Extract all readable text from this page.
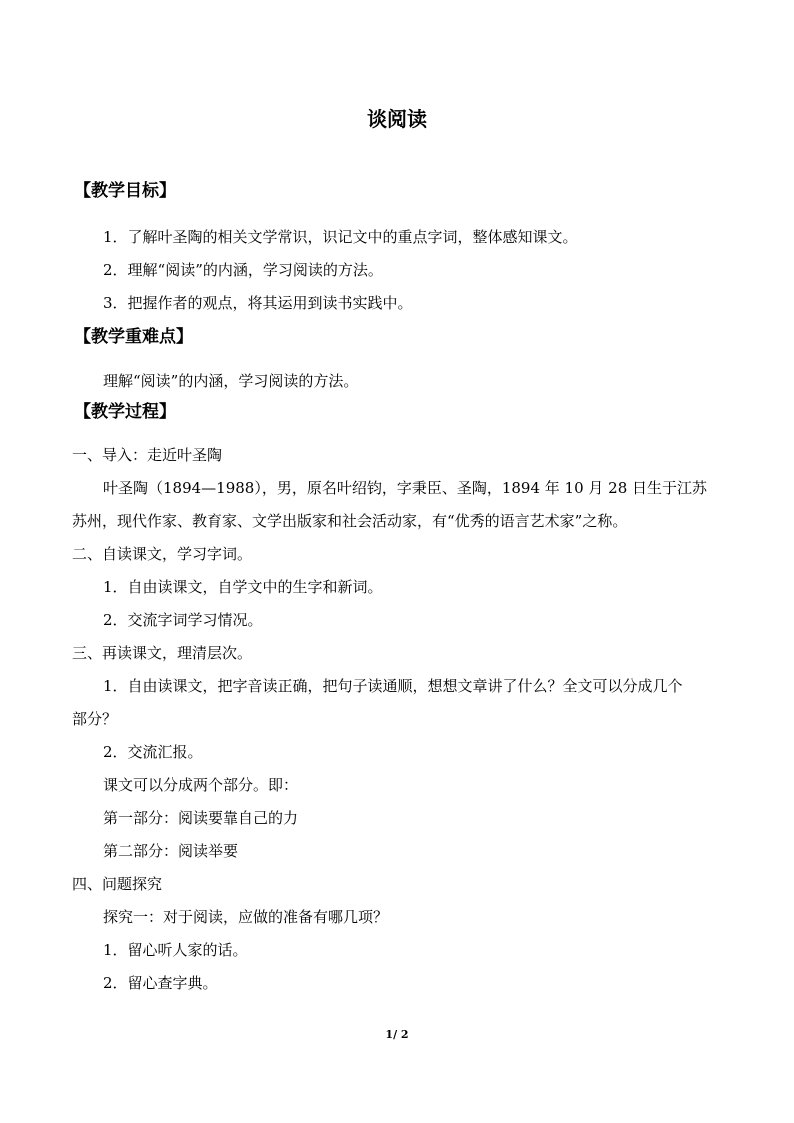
谈阅读
【教学目标】
1．了解叶圣陶的相关文学常识，识记文中的重点字词，整体感知课文。
2．理解“阅读”的内涵，学习阅读的方法。
3．把握作者的观点，将其运用到读书实践中。
【教学重难点】
理解“阅读”的内涵，学习阅读的方法。
【教学过程】
一、导入：走近叶圣陶
叶圣陶（1894—1988），男，原名叶绍钧，字秉臣、圣陶，1894 年 10 月 28 日生于江苏
苏州，现代作家、教育家、文学出版家和社会活动家，有“优秀的语言艺术家”之称。
二、自读课文，学习字词。
1．自由读课文，自学文中的生字和新词。
2．交流字词学习情况。
三、再读课文，理清层次。
1．自由读课文，把字音读正确，把句子读通顺，想想文章讲了什么？全文可以分成几个
部分？
2．交流汇报。
课文可以分成两个部分。即：
第一部分：阅读要靠自己的力
第二部分：阅读举要
四、问题探究
探究一：对于阅读，应做的准备有哪几项？
1．留心听人家的话。
2．留心查字典。
1/ 2
